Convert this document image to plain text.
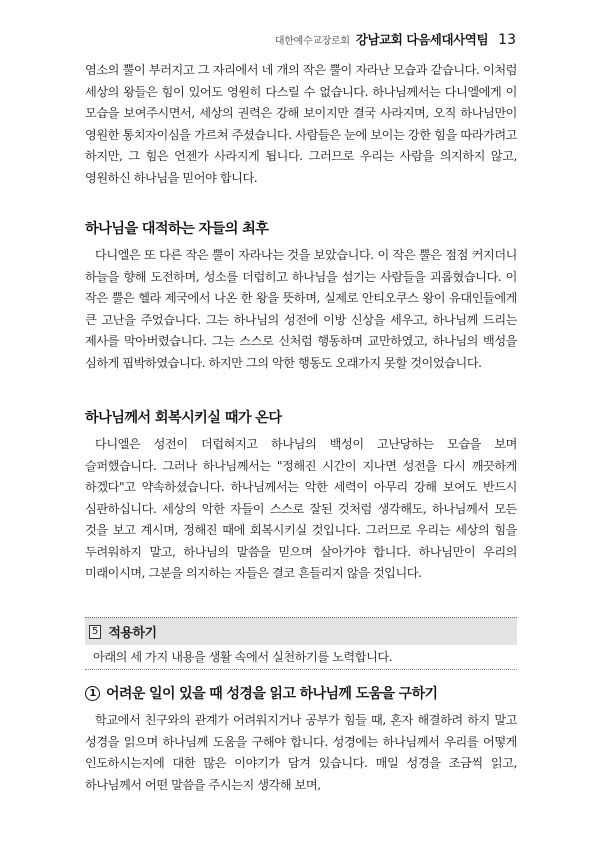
대한예수교장로회 강남교회 다음세대사역팀 13

염소의 뿔이 부러지고 그 자리에서 네 개의 작은 뿔이 자라난 모습과 같습니다. 이처럼 세상의 왕들은 힘이 있어도 영원히 다스릴 수 없습니다. 하나님께서는 다니엘에게 이 모습을 보여주시면서, 세상의 권력은 강해 보이지만 결국 사라지며, 오직 하나님만이 영원한 통치자이심을 가르쳐 주셨습니다. 사람들은 눈에 보이는 강한 힘을 따라가려고 하지만, 그 힘은 언젠가 사라지게 됩니다. 그러므로 우리는 사람을 의지하지 않고, 영원하신 하나님을 믿어야 합니다.

하나님을 대적하는 자들의 최후

다니엘은 또 다른 작은 뿔이 자라나는 것을 보았습니다. 이 작은 뿔은 점점 커지더니 하늘을 향해 도전하며, 성소를 더럽히고 하나님을 섬기는 사람들을 괴롭혔습니다. 이 작은 뿔은 헬라 제국에서 나온 한 왕을 뜻하며, 실제로 안티오쿠스 왕이 유대인들에게 큰 고난을 주었습니다. 그는 하나님의 성전에 이방 신상을 세우고, 하나님께 드리는 제사를 막아버렸습니다. 그는 스스로 신처럼 행동하며 교만하였고, 하나님의 백성을 심하게 핍박하였습니다. 하지만 그의 악한 행동도 오래가지 못할 것이었습니다.

하나님께서 회복시키실 때가 온다

다니엘은 성전이 더럽혀지고 하나님의 백성이 고난당하는 모습을 보며 슬퍼했습니다. 그러나 하나님께서는 "정해진 시간이 지나면 성전을 다시 깨끗하게 하겠다"고 약속하셨습니다. 하나님께서는 악한 세력이 아무리 강해 보여도 반드시 심판하십니다. 세상의 악한 자들이 스스로 잘된 것처럼 생각해도, 하나님께서 모든 것을 보고 계시며, 정해진 때에 회복시키실 것입니다. 그러므로 우리는 세상의 힘을 두려워하지 말고, 하나님의 말씀을 믿으며 살아가야 합니다. 하나님만이 우리의 미래이시며, 그분을 의지하는 자들은 결코 흔들리지 않을 것입니다.

5 적용하기
아래의 세 가지 내용을 생활 속에서 실천하기를 노력합니다.
1 어려운 일이 있을 때 성경을 읽고 하나님께 도움을 구하기

학교에서 친구와의 관계가 어려워지거나 공부가 힘들 때, 혼자 해결하려 하지 말고 성경을 읽으며 하나님께 도움을 구해야 합니다. 성경에는 하나님께서 우리를 어떻게 인도하시는지에 대한 많은 이야기가 담겨 있습니다. 매일 성경을 조금씩 읽고, 하나님께서 어떤 말씀을 주시는지 생각해 보며,
